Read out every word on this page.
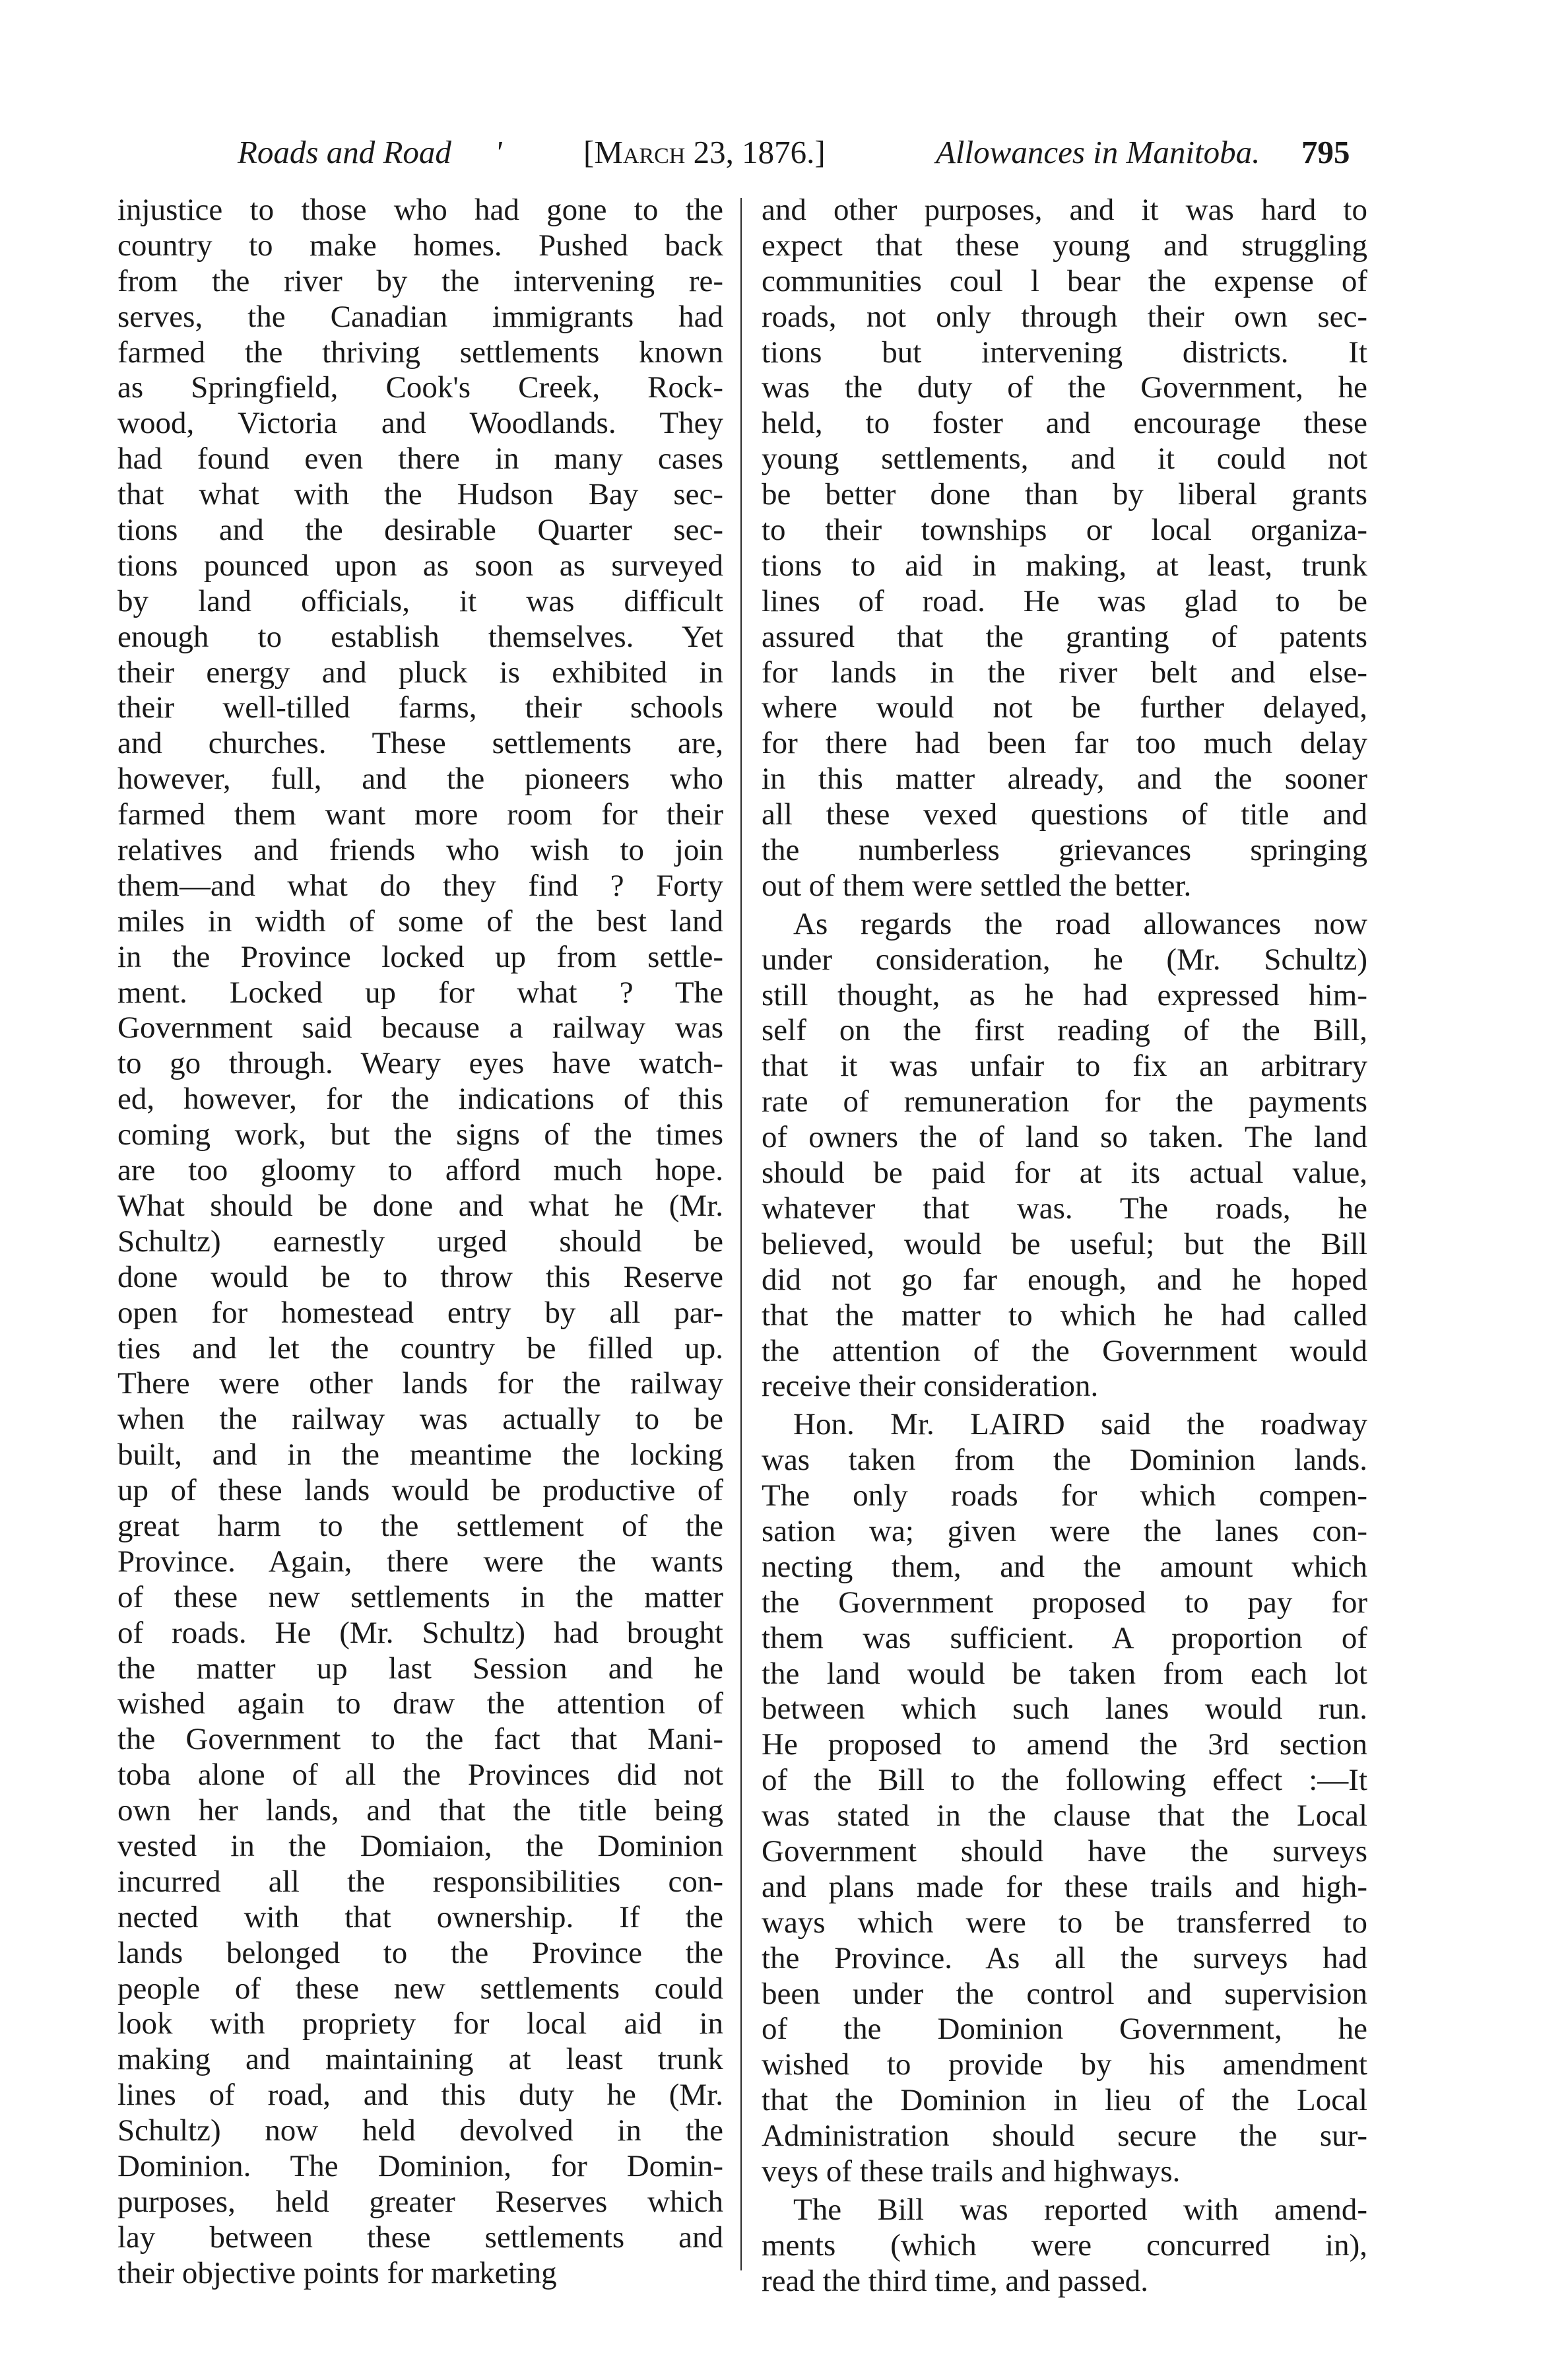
Roads and Road '	[March 23, 1876.]	Allowances in Manitoba. 795

injustice to those who had gone to the
country to make homes. Pushed back
from the river by the intervening re-
serves, the Canadian immigrants had
farmed the thriving settlements known
as Springfield, Cook's Creek, Rock-
wood, Victoria and Woodlands. They
had found even there in many cases
that what with the Hudson Bay sec-
tions and the desirable Quarter sec-
tions pounced upon as soon as surveyed
by land officials, it was difficult
enough to establish themselves. Yet
their energy and pluck is exhibited in
their well-tilled farms, their schools
and churches. These settlements are,
however, full, and the pioneers who
farmed them want more room for their
relatives and friends who wish to join
them—and what do they find ? Forty
miles in width of some of the best land
in the Province locked up from settle-
ment. Locked up for what ? The
Government said because a railway was
to go through. Weary eyes have watch-
ed, however, for the indications of this
coming work, but the signs of the times
are too gloomy to afford much hope.
What should be done and what he (Mr.
Schultz) earnestly urged should be
done would be to throw this Reserve
open for homestead entry by all par-
ties and let the country be filled up.
There were other lands for the railway
when the railway was actually to be
built, and in the meantime the locking
up of these lands would be productive of
great harm to the settlement of the
Province. Again, there were the wants
of these new settlements in the matter
of roads. He (Mr. Schultz) had brought
the matter up last Session and he
wished again to draw the attention of
the Government to the fact that Mani-
toba alone of all the Provinces did not
own her lands, and that the title being
vested in the Domiaion, the Dominion
incurred all the responsibilities con-
nected with that ownership. If the
lands belonged to the Province the
people of these new settlements could
look with propriety for local aid in
making and maintaining at least trunk
lines of road, and this duty he (Mr.
Schultz) now held devolved in the
Dominion. The Dominion, for Domin-
purposes, held greater Reserves which
lay between these settlements and
their objective points for marketing

and other purposes, and it was hard to
expect that these young and struggling
communities coul l bear the expense of
roads, not only through their own sec-
tions but intervening districts. It
was the duty of the Government, he
held, to foster and encourage these
young settlements, and it could not
be better done than by liberal grants
to their townships or local organiza-
tions to aid in making, at least, trunk
lines of road. He was glad to be
assured that the granting of patents
for lands in the river belt and else-
where would not be further delayed,
for there had been far too much delay
in this matter already, and the sooner
all these vexed questions of title and
the numberless grievances springing
out of them were settled the better.

As regards the road allowances now
under consideration, he (Mr. Schultz)
still thought, as he had expressed him-
self on the first reading of the Bill,
that it was unfair to fix an arbitrary
rate of remuneration for the payments
of owners the of land so taken. The land
should be paid for at its actual value,
whatever that was. The roads, he
believed, would be useful; but the Bill
did not go far enough, and he hoped
that the matter to which he had called
the attention of the Government would
receive their consideration.

Hon. Mr. LAIRD said the roadway
was taken from the Dominion lands.
The only roads for which compen-
sation wa; given were the lanes con-
necting them, and the amount which
the Government proposed to pay for
them was sufficient. A proportion of
the land would be taken from each lot
between which such lanes would run.
He proposed to amend the 3rd section
of the Bill to the following effect :—It
was stated in the clause that the Local
Government should have the surveys
and plans made for these trails and high-
ways which were to be transferred to
the Province. As all the surveys had
been under the control and supervision
of the Dominion Government, he
wished to provide by his amendment
that the Dominion in lieu of the Local
Administration should secure the sur-
veys of these trails and highways.

The Bill was reported with amend-
ments (which were concurred in),
read the third time, and passed.
